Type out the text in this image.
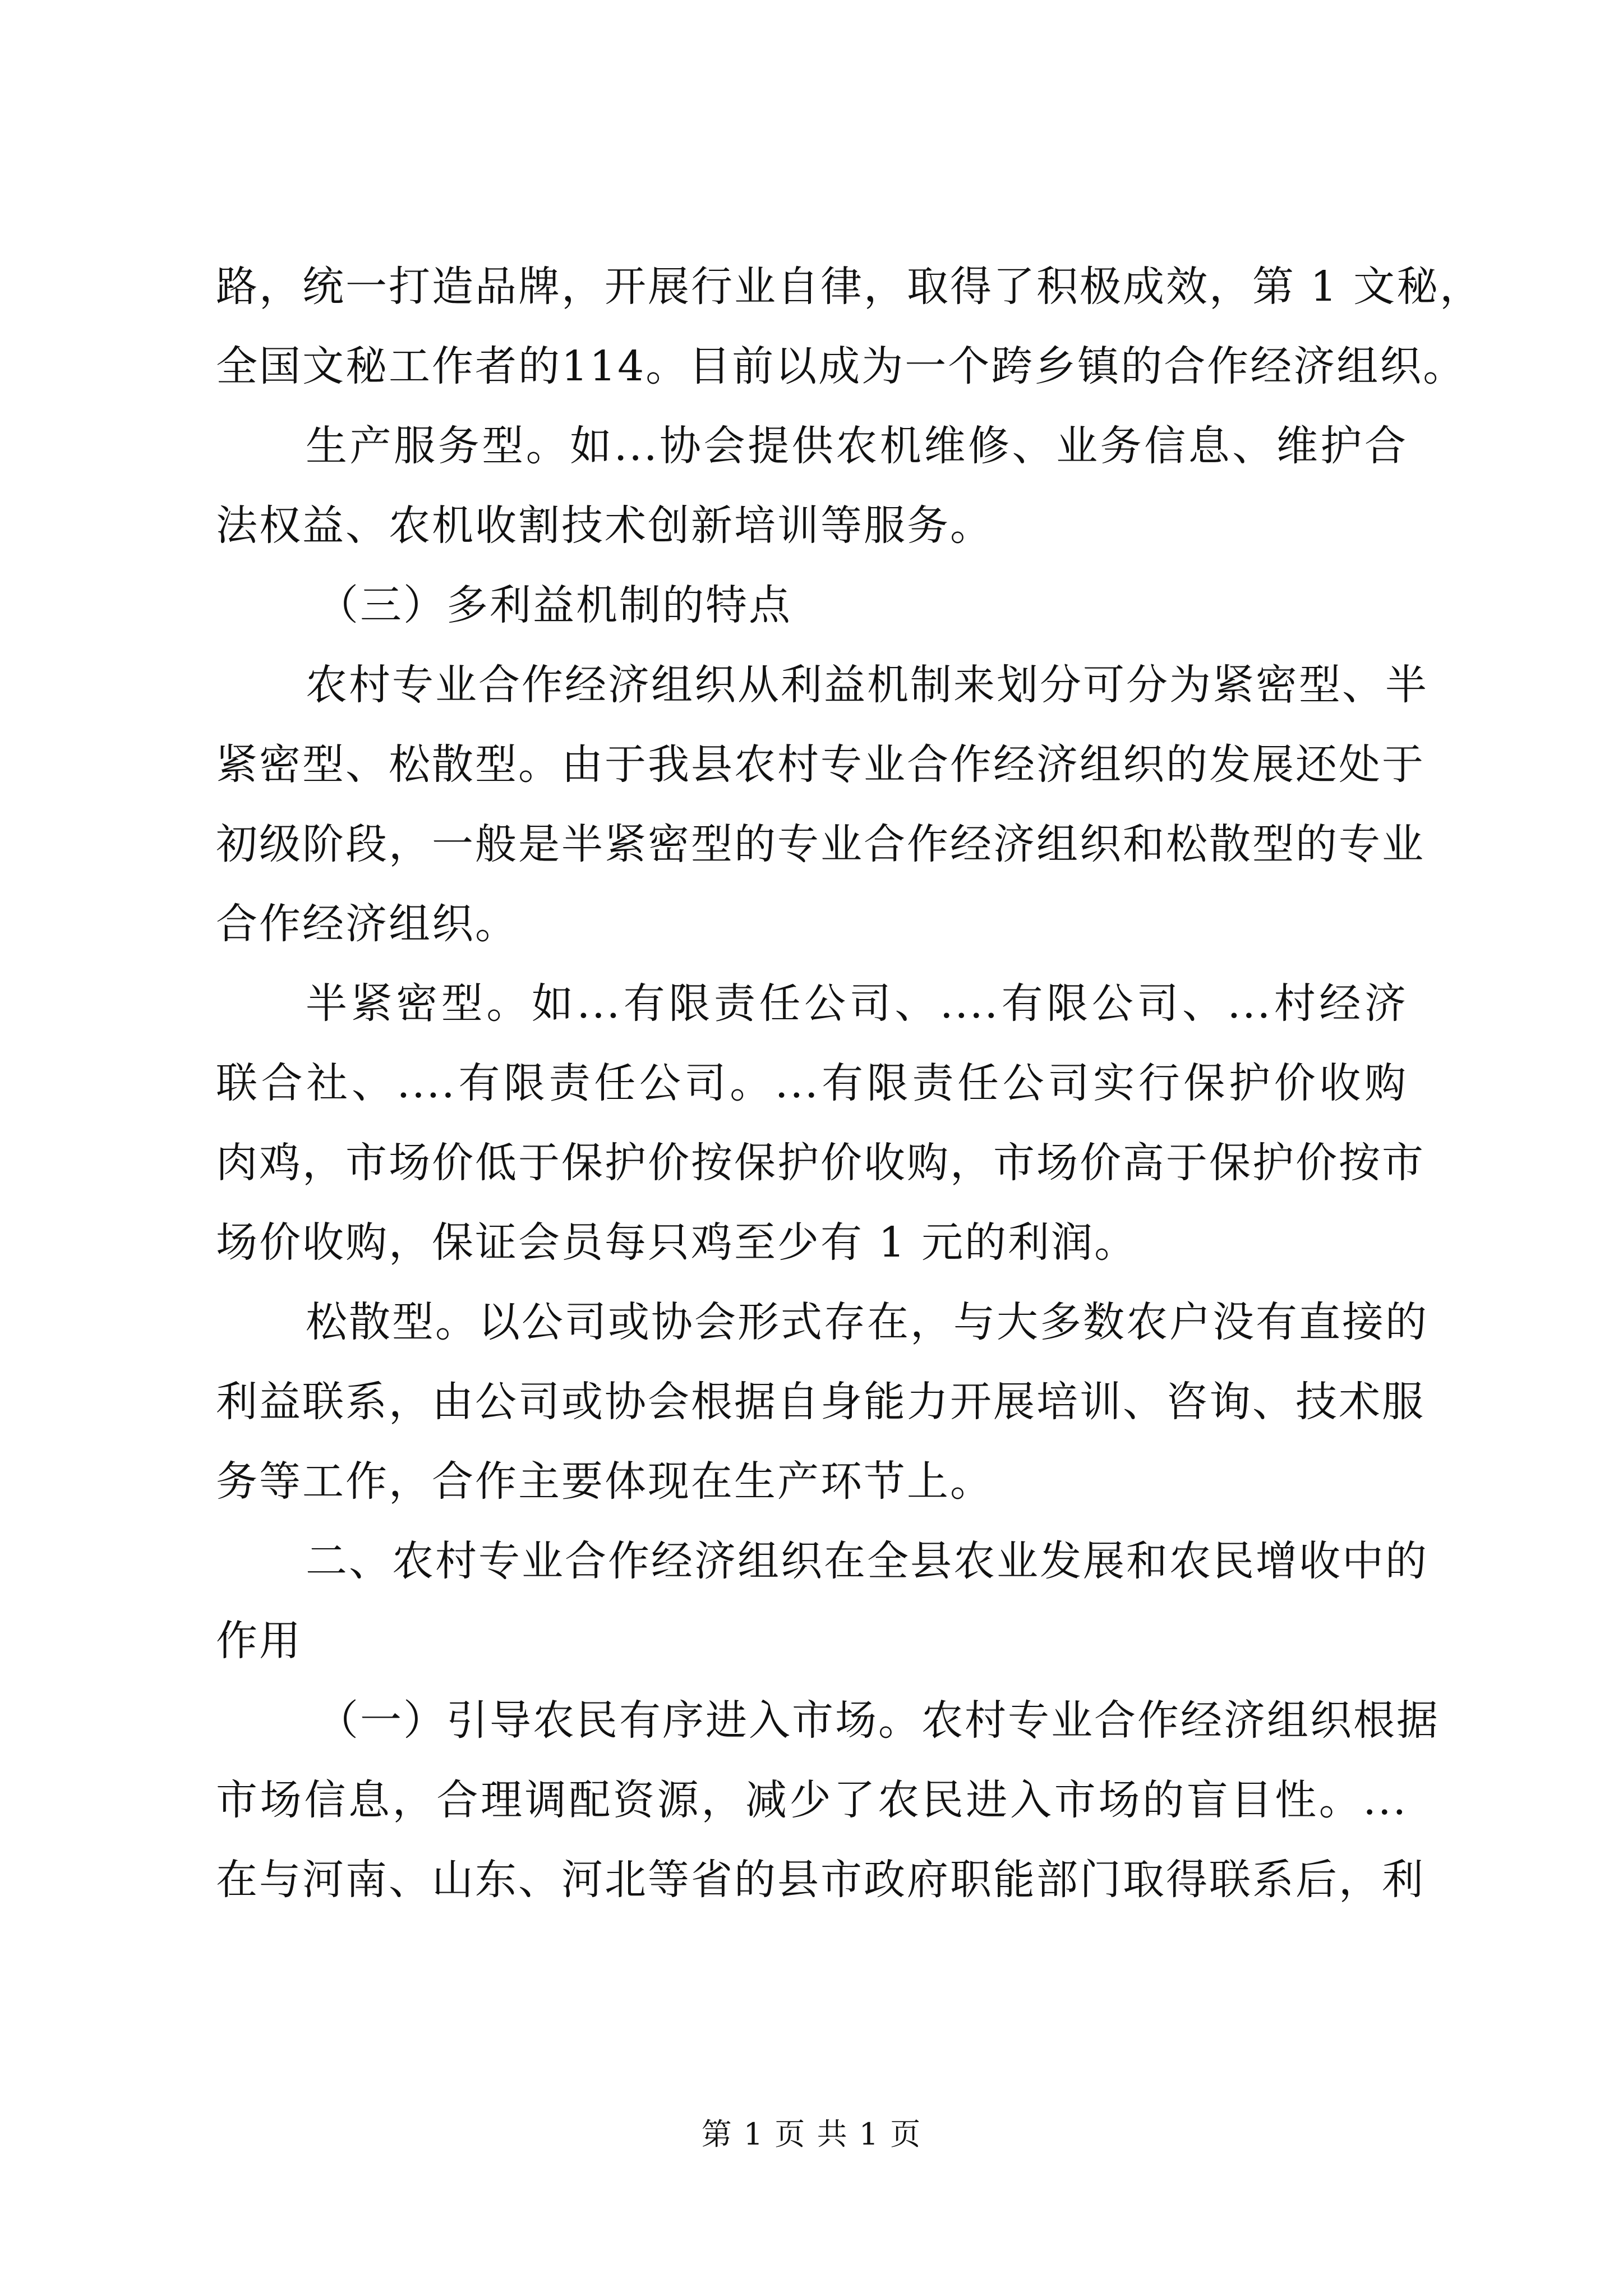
路，统一打造品牌，开展行业自律，取得了积极成效，第 1 文秘，
全国文秘工作者的114。目前以成为一个跨乡镇的合作经济组织。
生产服务型。如...协会提供农机维修、业务信息、维护合
法权益、农机收割技术创新培训等服务。
（三）多利益机制的特点
农村专业合作经济组织从利益机制来划分可分为紧密型、半
紧密型、松散型。由于我县农村专业合作经济组织的发展还处于
初级阶段，一般是半紧密型的专业合作经济组织和松散型的专业
合作经济组织。
半紧密型。如...有限责任公司、....有限公司、...村经济
联合社、....有限责任公司。...有限责任公司实行保护价收购
肉鸡，市场价低于保护价按保护价收购，市场价高于保护价按市
场价收购，保证会员每只鸡至少有 1 元的利润。
松散型。以公司或协会形式存在，与大多数农户没有直接的
利益联系，由公司或协会根据自身能力开展培训、咨询、技术服
务等工作，合作主要体现在生产环节上。
二、农村专业合作经济组织在全县农业发展和农民增收中的
作用
（一）引导农民有序进入市场。农村专业合作经济组织根据
市场信息，合理调配资源，减少了农民进入市场的盲目性。...
在与河南、山东、河北等省的县市政府职能部门取得联系后，利
第 1 页 共 1 页
